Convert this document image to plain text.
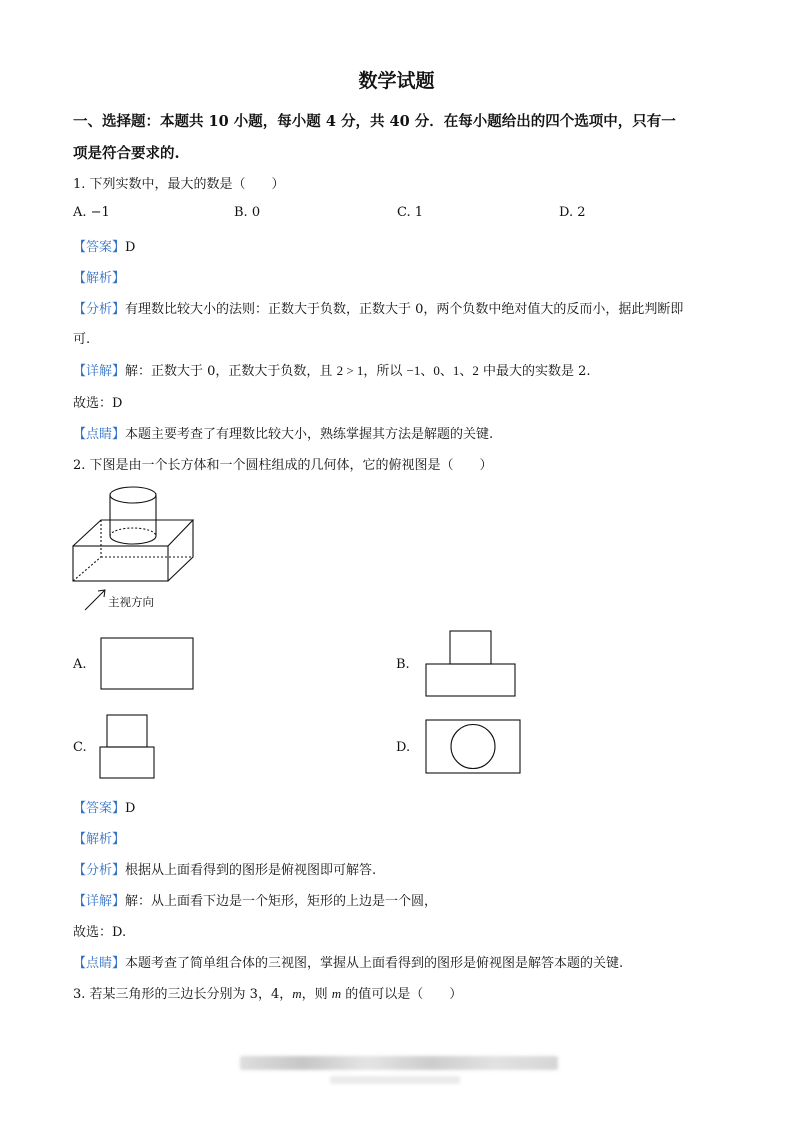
数学试题
一、选择题：本题共 10 小题，每小题 4 分，共 40 分．在每小题给出的四个选项中，只有一
项是符合要求的.
1. 下列实数中，最大的数是（　　）
A. −1	B. 0	C. 1	D. 2
【答案】D
【解析】
【分析】有理数比较大小的法则：正数大于负数，正数大于 0，两个负数中绝对值大的反而小，据此判断即
可.
【详解】解：正数大于 0，正数大于负数，且 2 > 1，所以 −1、0、1、2 中最大的实数是 2.
故选：D
【点睛】本题主要考查了有理数比较大小，熟练掌握其方法是解题的关键.
2. 下图是由一个长方体和一个圆柱组成的几何体，它的俯视图是（　　）
主视方向
A.	B.
C.	D.
【答案】D
【解析】
【分析】根据从上面看得到的图形是俯视图即可解答.
【详解】解：从上面看下边是一个矩形，矩形的上边是一个圆，
故选：D.
【点睛】本题考查了简单组合体的三视图，掌握从上面看得到的图形是俯视图是解答本题的关键.
3. 若某三角形的三边长分别为 3，4，m，则 m 的值可以是（　　）
